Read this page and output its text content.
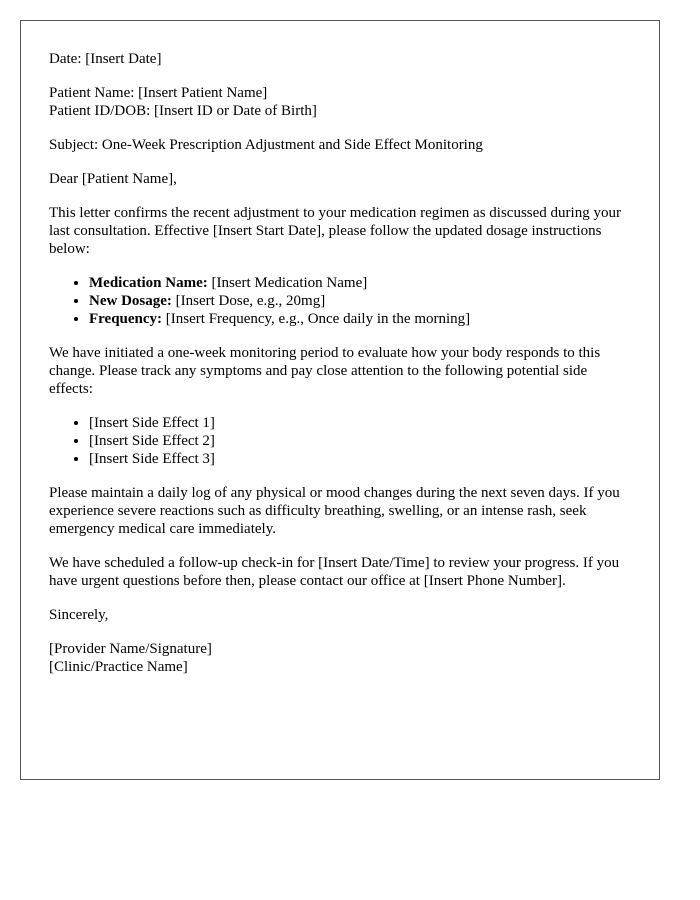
Date: [Insert Date]

Patient Name: [Insert Patient Name]

Patient ID/DOB: [Insert ID or Date of Birth]

Subject: One-Week Prescription Adjustment and Side Effect Monitoring

Dear [Patient Name],

This letter confirms the recent adjustment to your medication regimen as discussed during your last consultation. Effective [Insert Start Date], please follow the updated dosage instructions below:

• Medication Name: [Insert Medication Name]
• New Dosage: [Insert Dose, e.g., 20mg]
• Frequency: [Insert Frequency, e.g., Once daily in the morning]

We have initiated a one-week monitoring period to evaluate how your body responds to this change. Please track any symptoms and pay close attention to the following potential side effects:

• [Insert Side Effect 1]
• [Insert Side Effect 2]
• [Insert Side Effect 3]

Please maintain a daily log of any physical or mood changes during the next seven days. If you experience severe reactions such as difficulty breathing, swelling, or an intense rash, seek emergency medical care immediately.

We have scheduled a follow-up check-in for [Insert Date/Time] to review your progress. If you have urgent questions before then, please contact our office at [Insert Phone Number].

Sincerely,

[Provider Name/Signature]

[Clinic/Practice Name]
